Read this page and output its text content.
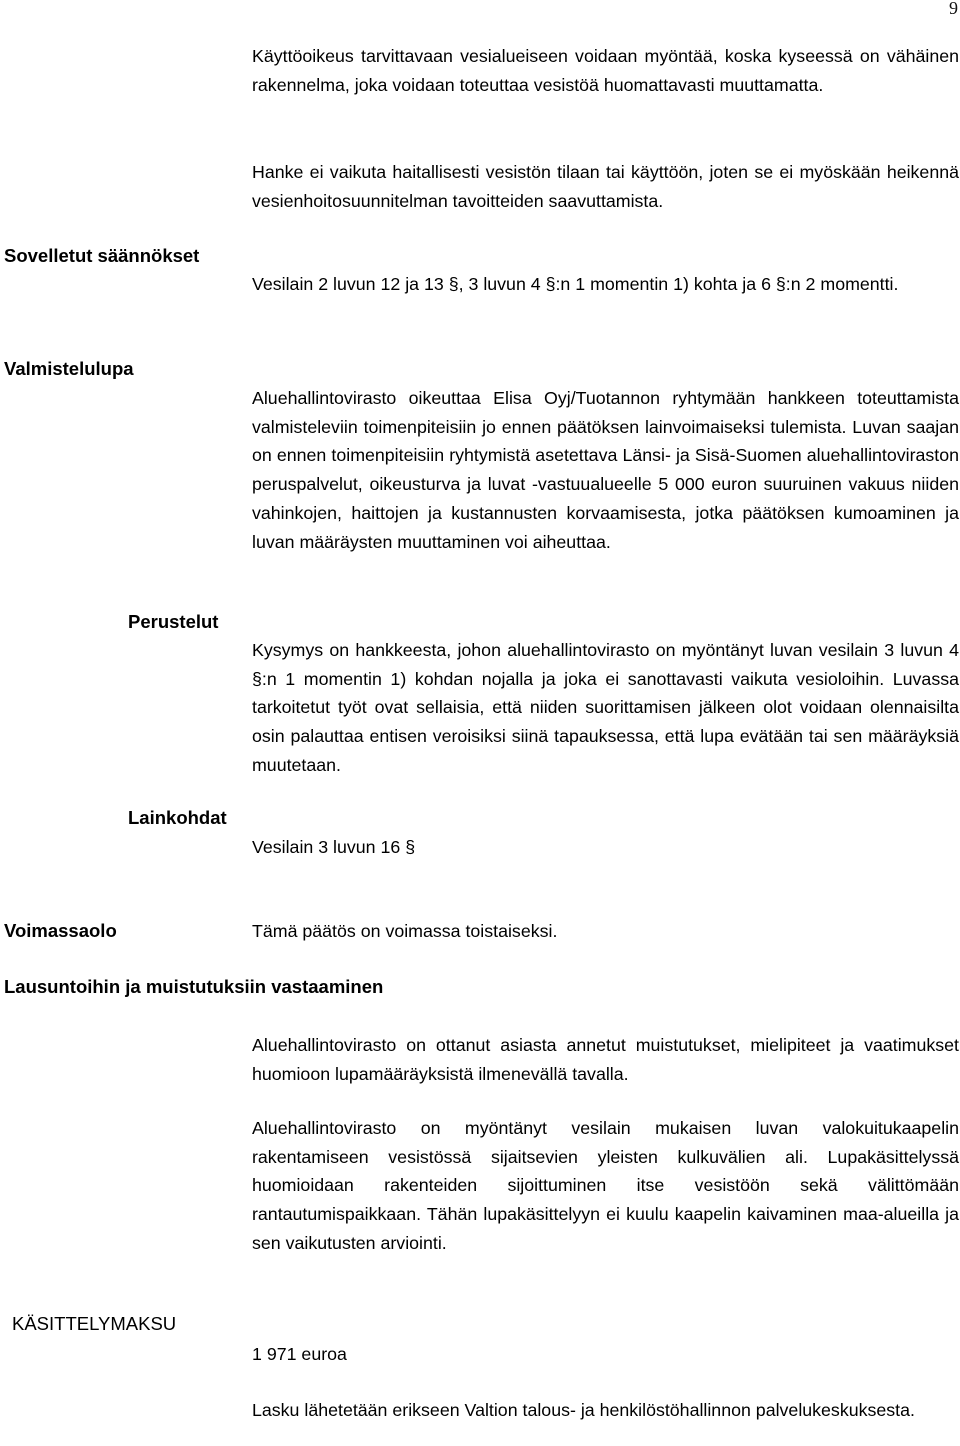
9

Käyttöoikeus tarvittavaan vesialueiseen voidaan myöntää, koska kyseessä on vähäinen rakennelma, joka voidaan toteuttaa vesistöä huomattavasti muuttamatta.

Hanke ei vaikuta haitallisesti vesistön tilaan tai käyttöön, joten se ei myöskään heikennä vesienhoitosuunnitelman tavoitteiden saavuttamista.

Sovelletut säännökset

Vesilain 2 luvun 12 ja 13 §, 3 luvun 4 §:n 1 momentin 1) kohta ja 6 §:n 2 momentti.

Valmistelulupa

Aluehallintovirasto oikeuttaa Elisa Oyj/Tuotannon ryhtymään hankkeen toteuttamista valmisteleviin toimenpiteisiin jo ennen päätöksen lainvoimaiseksi tulemista. Luvan saajan on ennen toimenpiteisiin ryhtymistä asetettava Länsi- ja Sisä-Suomen aluehallintoviraston peruspalvelut, oikeusturva ja luvat -vastuualueelle 5 000 euron suuruinen vakuus niiden vahinkojen, haittojen ja kustannusten korvaamisesta, jotka päätöksen kumoaminen ja luvan määräysten muuttaminen voi aiheuttaa.

Perustelut

Kysymys on hankkeesta, johon aluehallintovirasto on myöntänyt luvan vesilain 3 luvun 4 §:n 1 momentin 1) kohdan nojalla ja joka ei sanottavasti vaikuta vesioloihin. Luvassa tarkoitetut työt ovat sellaisia, että niiden suorittamisen jälkeen olot voidaan olennaisilta osin palauttaa entisen veroisiksi siinä tapauksessa, että lupa evätään tai sen määräyksiä muutetaan.

Lainkohdat

Vesilain 3 luvun 16 §

Voimassaolo	Tämä päätös on voimassa toistaiseksi.

Lausuntoihin ja muistutuksiin vastaaminen

Aluehallintovirasto on ottanut asiasta annetut muistutukset, mielipiteet ja vaatimukset huomioon lupamääräyksistä ilmenevällä tavalla.

Aluehallintovirasto on myöntänyt vesilain mukaisen luvan valokuitukaapelin rakentamiseen vesistössä sijaitsevien yleisten kulkuvälien ali. Lupakäsittelyssä huomioidaan rakenteiden sijoittuminen itse vesistöön sekä välittömään rantautumispaikkaan. Tähän lupakäsittelyyn ei kuulu kaapelin kaivaminen maa-alueilla ja sen vaikutusten arviointi.

KÄSITTELYMAKSU

1 971 euroa

Lasku lähetetään erikseen Valtion talous- ja henkilöstöhallinnon palvelukeskuksesta.
